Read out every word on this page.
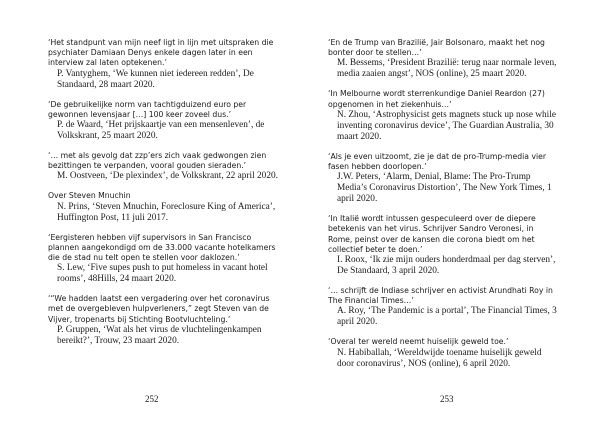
‘Het standpunt van mijn neef ligt in lijn met uitspraken die psychiater Damiaan Denys enkele dagen later in een interview zal laten optekenen.’
P. Vantyghem, ‘We kunnen niet iedereen redden’, De Standaard, 28 maart 2020.
‘De gebruikelijke norm van tachtigduizend euro per gewonnen levensjaar […] 100 keer zoveel dus.’
P. de Waard, ‘Het prijskaartje van een mensenleven’, de Volkskrant, 25 maart 2020.
‘… met als gevolg dat zzp’ers zich vaak gedwongen zien bezittingen te verpanden, vooral gouden sieraden.’
M. Oostveen, ‘De plexindex’, de Volkskrant, 22 april 2020.
Over Steven Mnuchin
N. Prins, ‘Steven Mnuchin, Foreclosure King of America’, Huffington Post, 11 juli 2017.
‘Eergisteren hebben vijf supervisors in San Francisco plannen aangekondigd om de 33.000 vacante hotelkamers die de stad nu telt open te stellen voor daklozen.’
S. Lew, ‘Five supes push to put homeless in vacant hotel rooms’, 48Hills, 24 maart 2020.
‘“We hadden laatst een vergadering over het coronavirus met de overgebleven hulpverleners,” zegt Steven van de Vijver, tropenarts bij Stichting Bootvluchteling.’
P. Gruppen, ‘Wat als het virus de vluchtelingenkampen bereikt?’, Trouw, 23 maart 2020.
252	253
‘En de Trump van Brazilië, Jair Bolsonaro, maakt het nog bonter door te stellen…’
M. Bessems, ‘President Brazilië: terug naar normale leven, media zaaien angst’, NOS (online), 25 maart 2020.
‘In Melbourne wordt sterrenkundige Daniel Reardon (27) opgenomen in het ziekenhuis…’
N. Zhou, ‘Astrophysicist gets magnets stuck up nose while inventing coronavirus device’, The Guardian Australia, 30 maart 2020.
‘Als je even uitzoomt, zie je dat de pro-Trump-media vier fasen hebben doorlopen.’
J.W. Peters, ‘Alarm, Denial, Blame: The Pro-Trump Media’s Coronavirus Distortion’, The New York Times, 1 april 2020.
‘In Italië wordt intussen gespeculeerd over de diepere betekenis van het virus. Schrijver Sandro Veronesi, in Rome, peinst over de kansen die corona biedt om het collectief beter te doen.’
I. Roox, ‘Ik zie mijn ouders honderdmaal per dag sterven’, De Standaard, 3 april 2020.
‘… schrijft de Indiase schrijver en activist Arundhati Roy in The Financial Times…’
A. Roy, ‘The Pandemic is a portal’, The Financial Times, 3 april 2020.
‘Overal ter wereld neemt huiselijk geweld toe.’
N. Habiballah, ‘Wereldwijde toename huiselijk geweld door coronavirus’, NOS (online), 6 april 2020.
